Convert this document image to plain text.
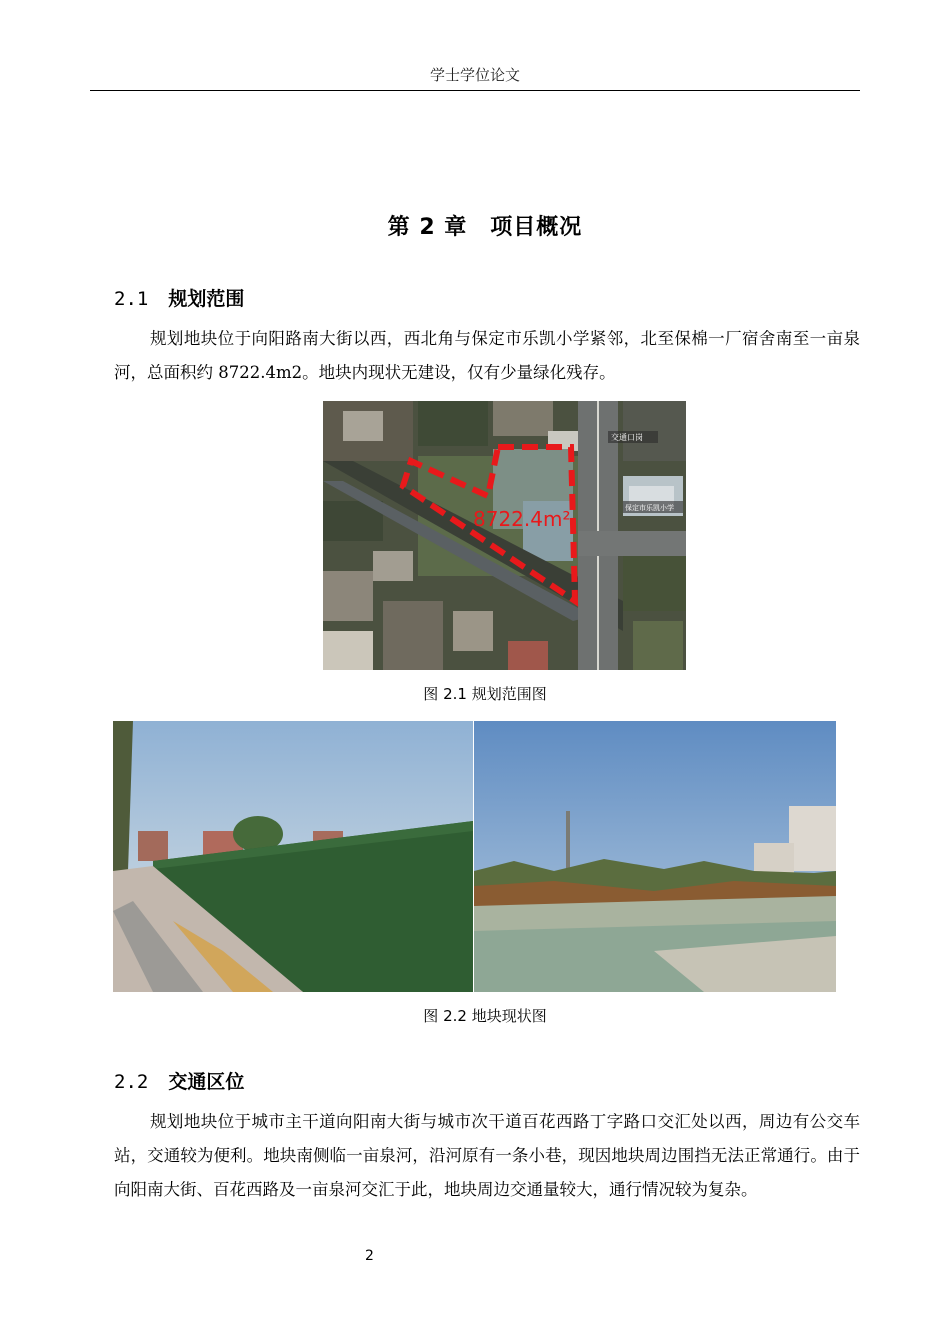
学士学位论文
第 2 章　项目概况
2.1 规划范围
规划地块位于向阳路南大街以西，西北角与保定市乐凯小学紧邻，北至保棉一厂宿舍南至一亩泉河，总面积约 8722.4m2。地块内现状无建设，仅有少量绿化残存。
8722.4m²
交通口岗
保定市乐凯小学
图 2.1 规划范围图
图 2.2 地块现状图
2.2 交通区位
规划地块位于城市主干道向阳南大街与城市次干道百花西路丁字路口交汇处以西，周边有公交车站，交通较为便利。地块南侧临一亩泉河，沿河原有一条小巷，现因地块周边围挡无法正常通行。由于向阳南大街、百花西路及一亩泉河交汇于此，地块周边交通量较大，通行情况较为复杂。
2
